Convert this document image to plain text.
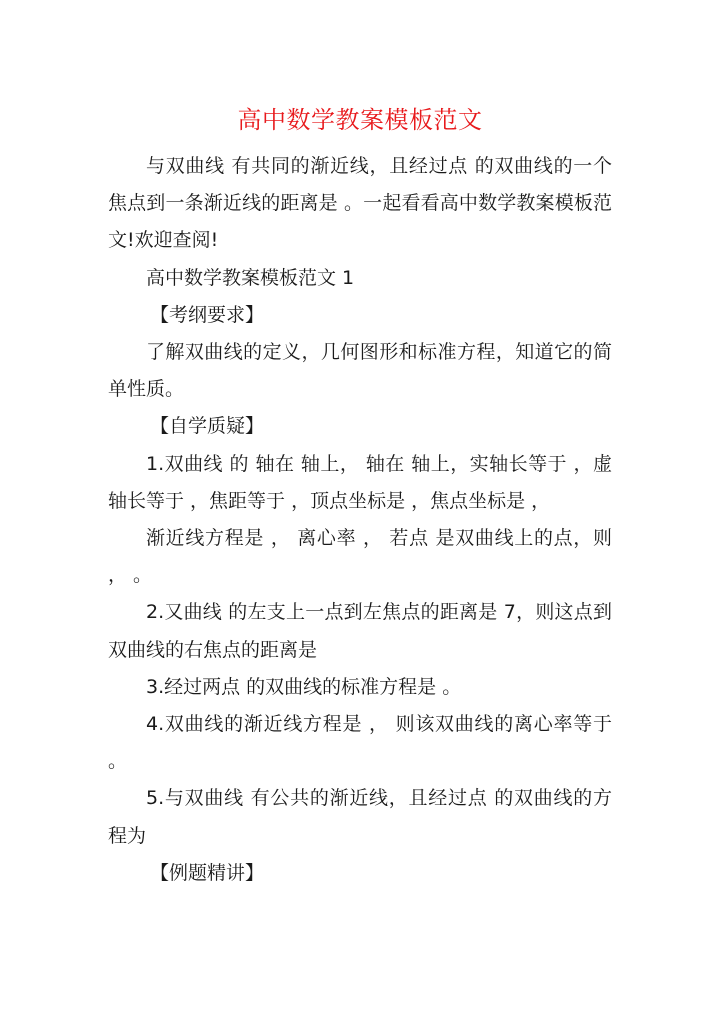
高中数学教案模板范文

与双曲线 有共同的渐近线，且经过点 的双曲线的一个焦点到一条渐近线的距离是 。一起看看高中数学教案模板范文!欢迎查阅!

高中数学教案模板范文 1

【考纲要求】

了解双曲线的定义，几何图形和标准方程，知道它的简单性质。

【自学质疑】

1.双曲线 的 轴在 轴上， 轴在 轴上，实轴长等于 ，虚轴长等于 ，焦距等于 ，顶点坐标是 ，焦点坐标是 ，

渐近线方程是 ， 离心率 ， 若点 是双曲线上的点，则 ， 。

2.又曲线 的左支上一点到左焦点的距离是 7，则这点到双曲线的右焦点的距离是

3.经过两点 的双曲线的标准方程是 。

4.双曲线的渐近线方程是 ， 则该双曲线的离心率等于 。

5.与双曲线 有公共的渐近线，且经过点 的双曲线的方程为

【例题精讲】
